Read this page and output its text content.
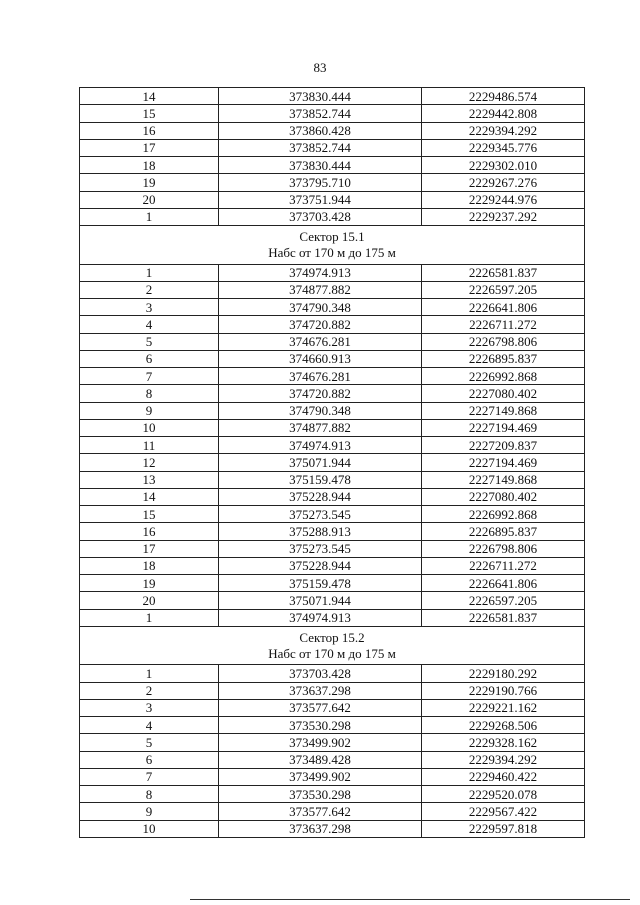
83
14	373830.444	2229486.574
15	373852.744	2229442.808
16	373860.428	2229394.292
17	373852.744	2229345.776
18	373830.444	2229302.010
19	373795.710	2229267.276
20	373751.944	2229244.976
1	373703.428	2229237.292

Сектор 15.1
Набс от 170 м до 175 м		

1	374974.913	2226581.837
2	374877.882	2226597.205
3	374790.348	2226641.806
4	374720.882	2226711.272
5	374676.281	2226798.806
6	374660.913	2226895.837
7	374676.281	2226992.868
8	374720.882	2227080.402
9	374790.348	2227149.868
10	374877.882	2227194.469
11	374974.913	2227209.837
12	375071.944	2227194.469
13	375159.478	2227149.868
14	375228.944	2227080.402
15	375273.545	2226992.868
16	375288.913	2226895.837
17	375273.545	2226798.806
18	375228.944	2226711.272
19	375159.478	2226641.806
20	375071.944	2226597.205
1	374974.913	2226581.837

Сектор 15.2
Набс от 170 м до 175 м		

1	373703.428	2229180.292
2	373637.298	2229190.766
3	373577.642	2229221.162
4	373530.298	2229268.506
5	373499.902	2229328.162
6	373489.428	2229394.292
7	373499.902	2229460.422
8	373530.298	2229520.078
9	373577.642	2229567.422
10	373637.298	2229597.818
